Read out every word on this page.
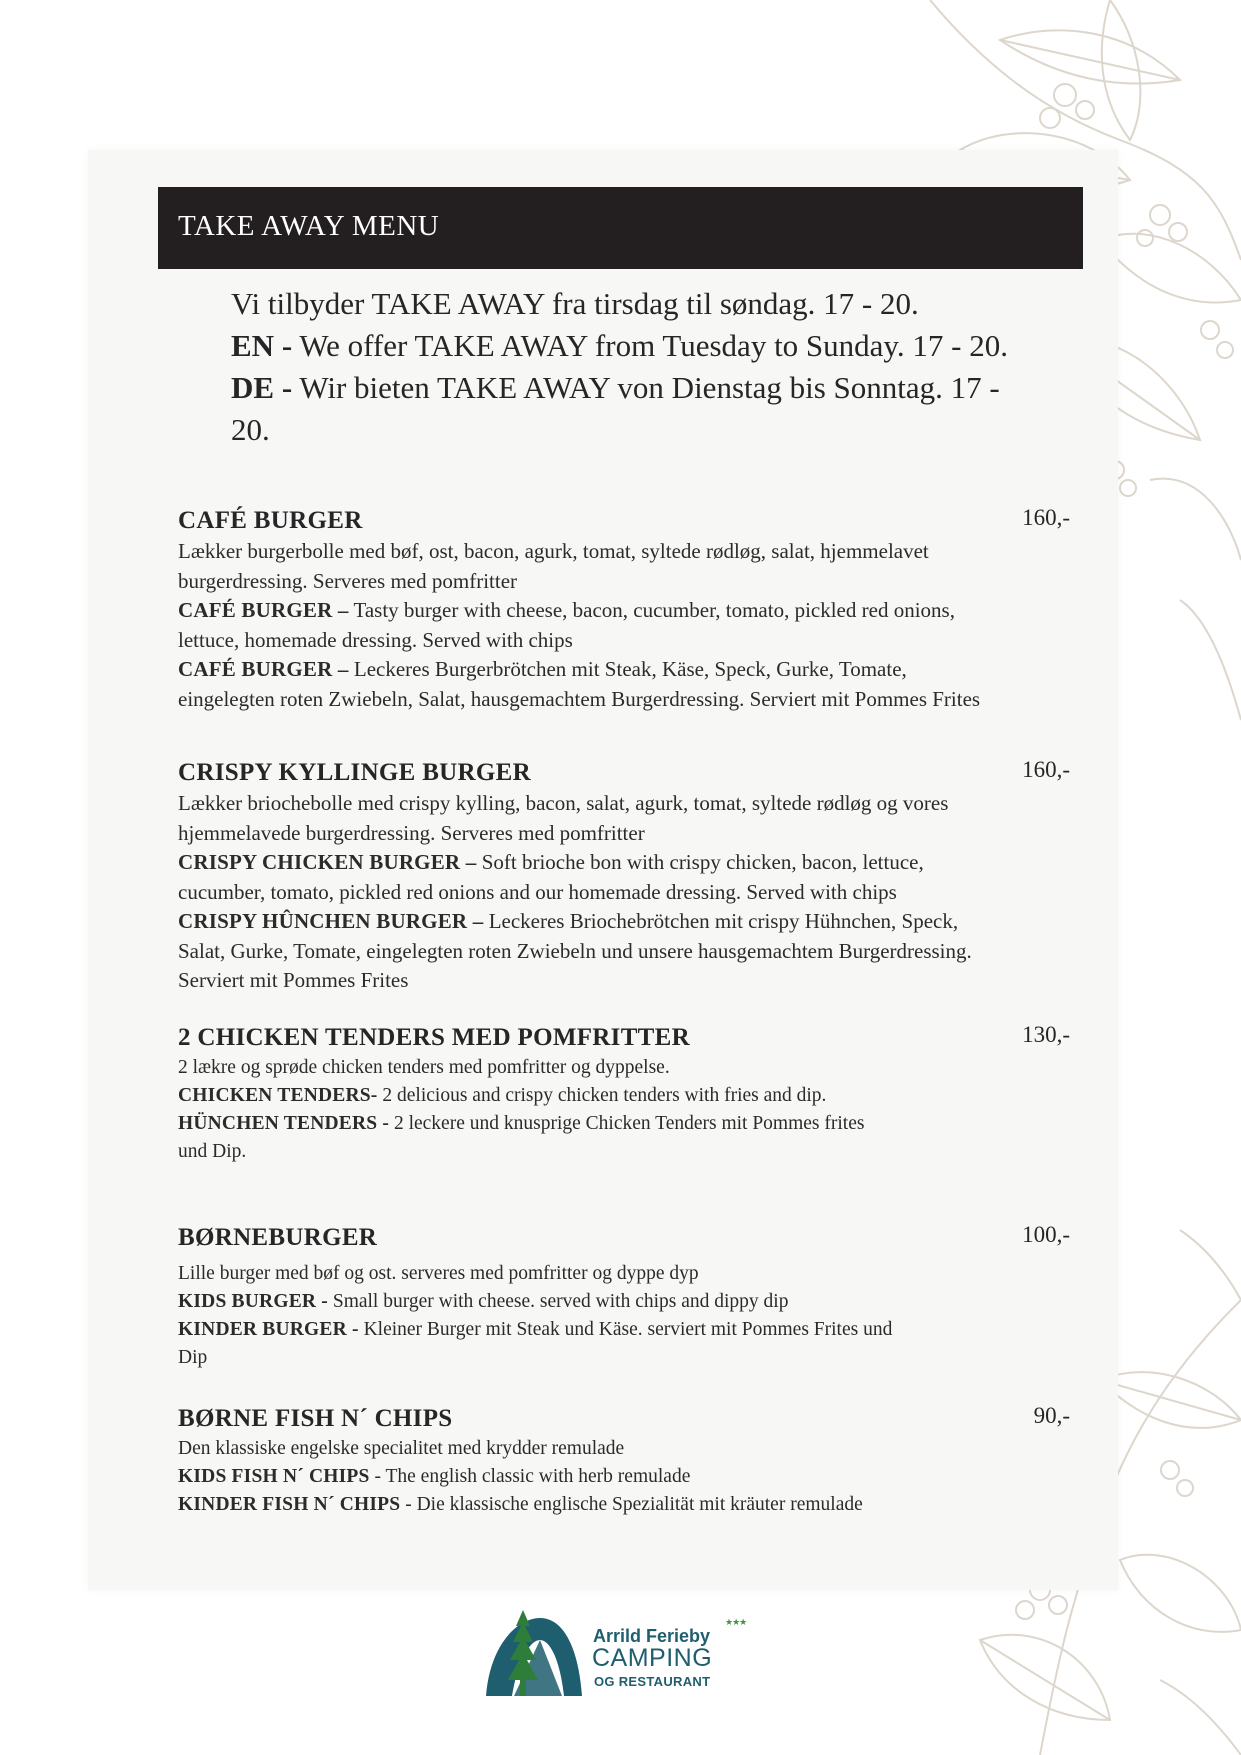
TAKE AWAY MENU

Vi tilbyder TAKE AWAY fra tirsdag til søndag. 17 - 20.

EN - We offer TAKE AWAY from Tuesday to Sunday. 17 - 20.

DE - Wir bieten TAKE AWAY von Dienstag bis Sonntag. 17 - 20.

CAFÉ BURGER	160,-

Lækker burgerbolle med bøf, ost, bacon, agurk, tomat, syltede rødløg, salat, hjemmelavet burgerdressing. Serveres med pomfritter

CAFÉ BURGER – Tasty burger with cheese, bacon, cucumber, tomato, pickled red onions, lettuce, homemade dressing. Served with chips

CAFÉ BURGER – Leckeres Burgerbrötchen mit Steak, Käse, Speck, Gurke, Tomate, eingelegten roten Zwiebeln, Salat, hausgemachtem Burgerdressing. Serviert mit Pommes Frites

CRISPY KYLLINGE BURGER	160,-

Lækker briochebolle med crispy kylling, bacon, salat, agurk, tomat, syltede rødløg og vores hjemmelavede burgerdressing. Serveres med pomfritter

CRISPY CHICKEN BURGER – Soft brioche bon with crispy chicken, bacon, lettuce, cucumber, tomato, pickled red onions and our homemade dressing. Served with chips

CRISPY HÛNCHEN BURGER – Leckeres Briochebrötchen mit crispy Hühnchen, Speck, Salat, Gurke, Tomate, eingelegten roten Zwiebeln und unsere hausgemachtem Burgerdressing. Serviert mit Pommes Frites

2 CHICKEN TENDERS MED POMFRITTER	130,-

2 lækre og sprøde chicken tenders med pomfritter og dyppelse.

CHICKEN TENDERS- 2 delicious and crispy chicken tenders with fries and dip.

HÜNCHEN TENDERS - 2 leckere und knusprige Chicken Tenders mit Pommes frites und Dip.

BØRNEBURGER	100,-

Lille burger med bøf og ost. serveres med pomfritter og dyppe dyp

KIDS BURGER - Small burger with cheese. served with chips and dippy dip

KINDER BURGER - Kleiner Burger mit Steak und Käse. serviert mit Pommes Frites und Dip

BØRNE FISH N´ CHIPS	90,-

Den klassiske engelske specialitet med krydder remulade

KIDS FISH N´ CHIPS - The english classic with herb remulade

KINDER FISH N´ CHIPS - Die klassische englische Spezialität mit kräuter remulade

Arrild Ferieby
★★★
CAMPING
OG RESTAURANT
